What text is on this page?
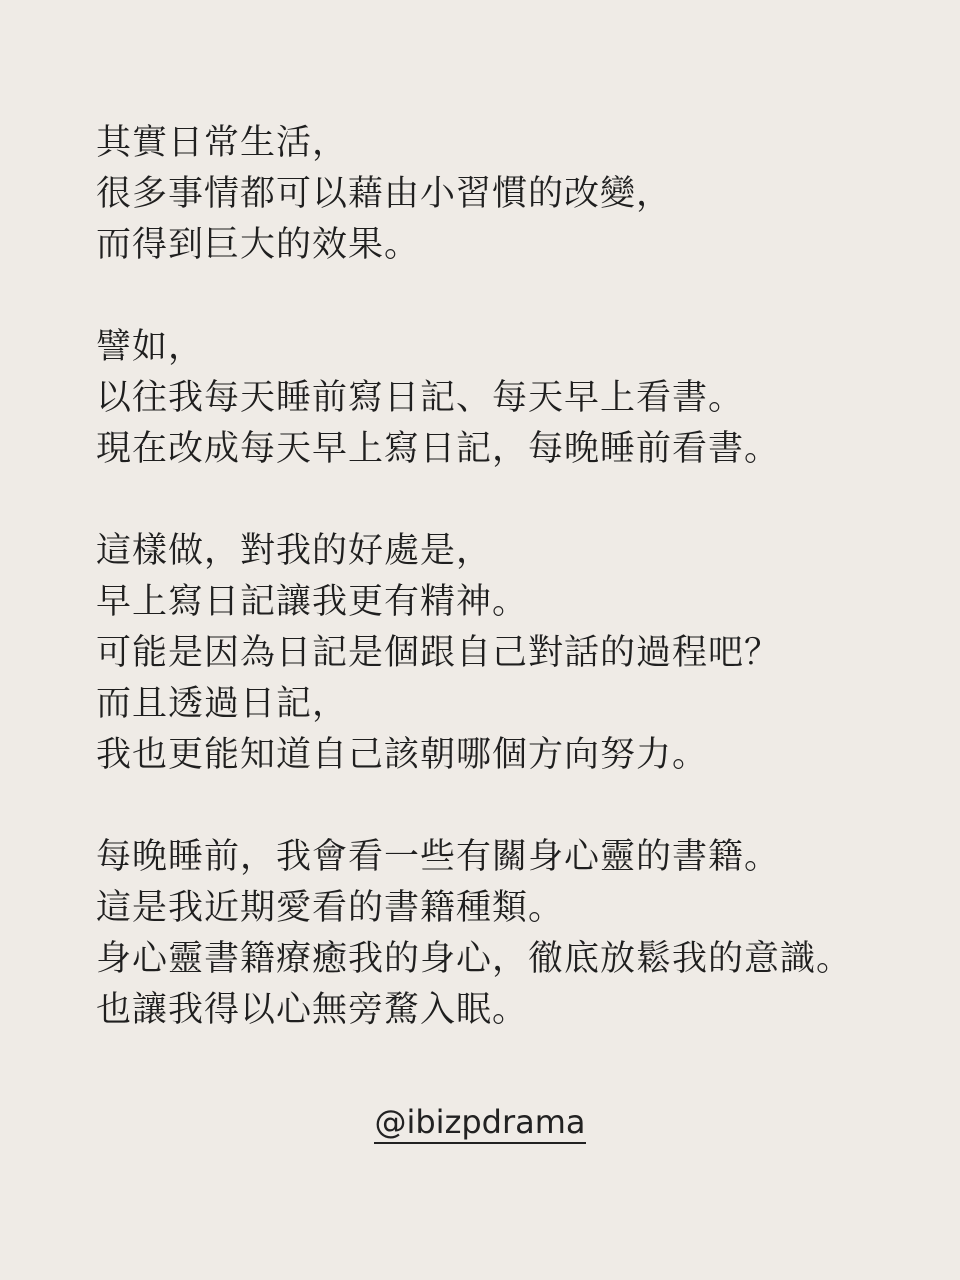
其實日常生活，
很多事情都可以藉由小習慣的改變，
而得到巨大的效果。
譬如，
以往我每天睡前寫日記、每天早上看書。
現在改成每天早上寫日記，每晚睡前看書。
這樣做，對我的好處是，
早上寫日記讓我更有精神。
可能是因為日記是個跟自己對話的過程吧？
而且透過日記，
我也更能知道自己該朝哪個方向努力。
每晚睡前，我會看一些有關身心靈的書籍。
這是我近期愛看的書籍種類。
身心靈書籍療癒我的身心，徹底放鬆我的意識。
也讓我得以心無旁騖入眠。
@ibizpdrama
